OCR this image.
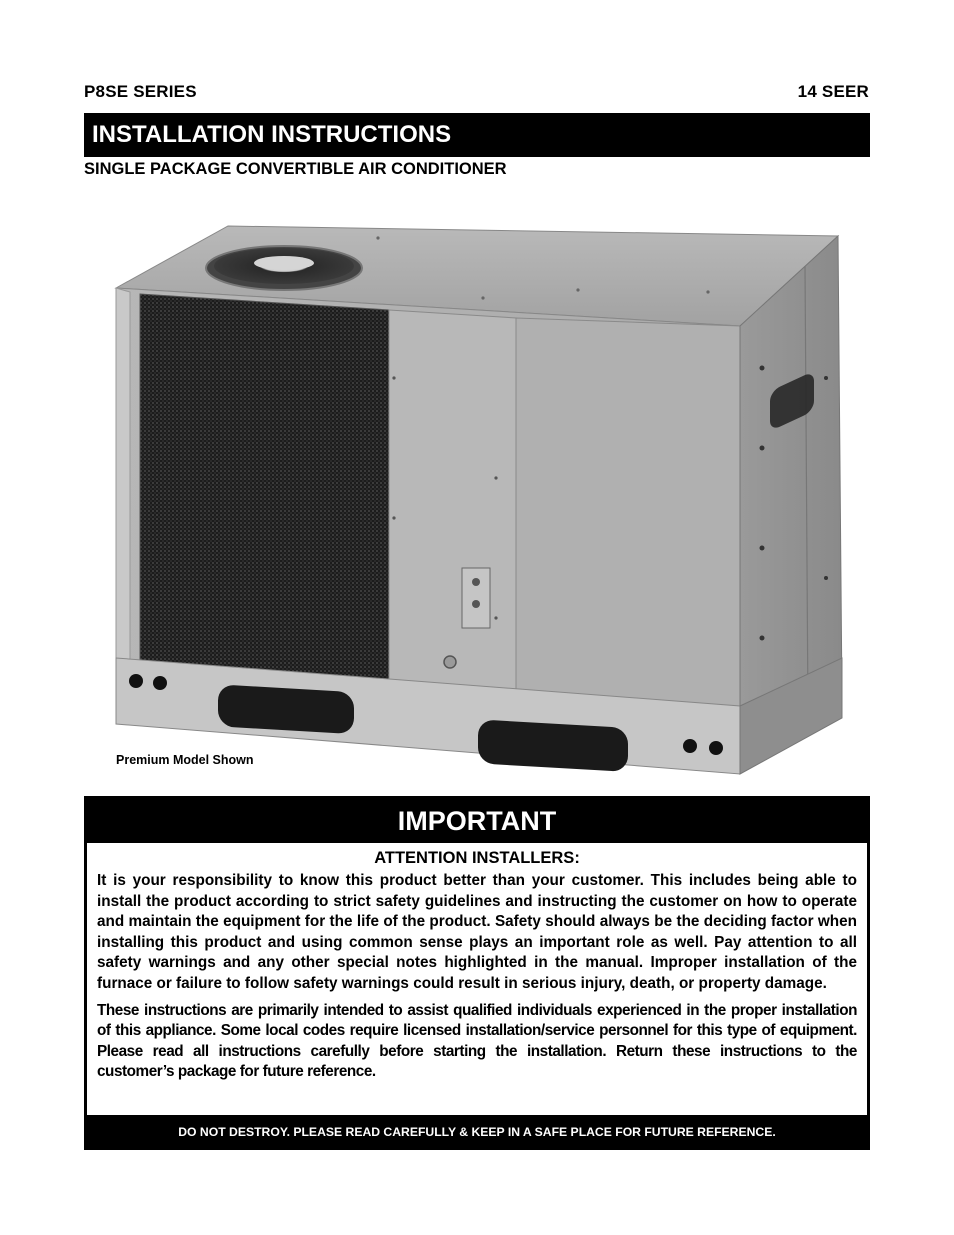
P8SE SERIES	14 SEER
INSTALLATION INSTRUCTIONS
SINGLE PACKAGE CONVERTIBLE AIR CONDITIONER
Premium Model Shown
IMPORTANT
ATTENTION INSTALLERS:

It is your responsibility to know this product better than your customer. This includes being able to install the product according to strict safety guidelines and instructing the customer on how to operate and maintain the equipment for the life of the product. Safety should always be the deciding factor when installing this product and using common sense plays an important role as well. Pay attention to all safety warnings and any other special notes highlighted in the manual. Improper installation of the furnace or failure to follow safety warnings could result in serious injury, death, or property damage.

These instructions are primarily intended to assist qualified individuals experienced in the proper installation of this appliance. Some local codes require licensed installation/service personnel for this type of equipment. Please read all instructions carefully before starting the installation. Return these instructions to the customer’s package for future reference.

DO NOT DESTROY. PLEASE READ CAREFULLY & KEEP IN A SAFE PLACE FOR FUTURE REFERENCE.
